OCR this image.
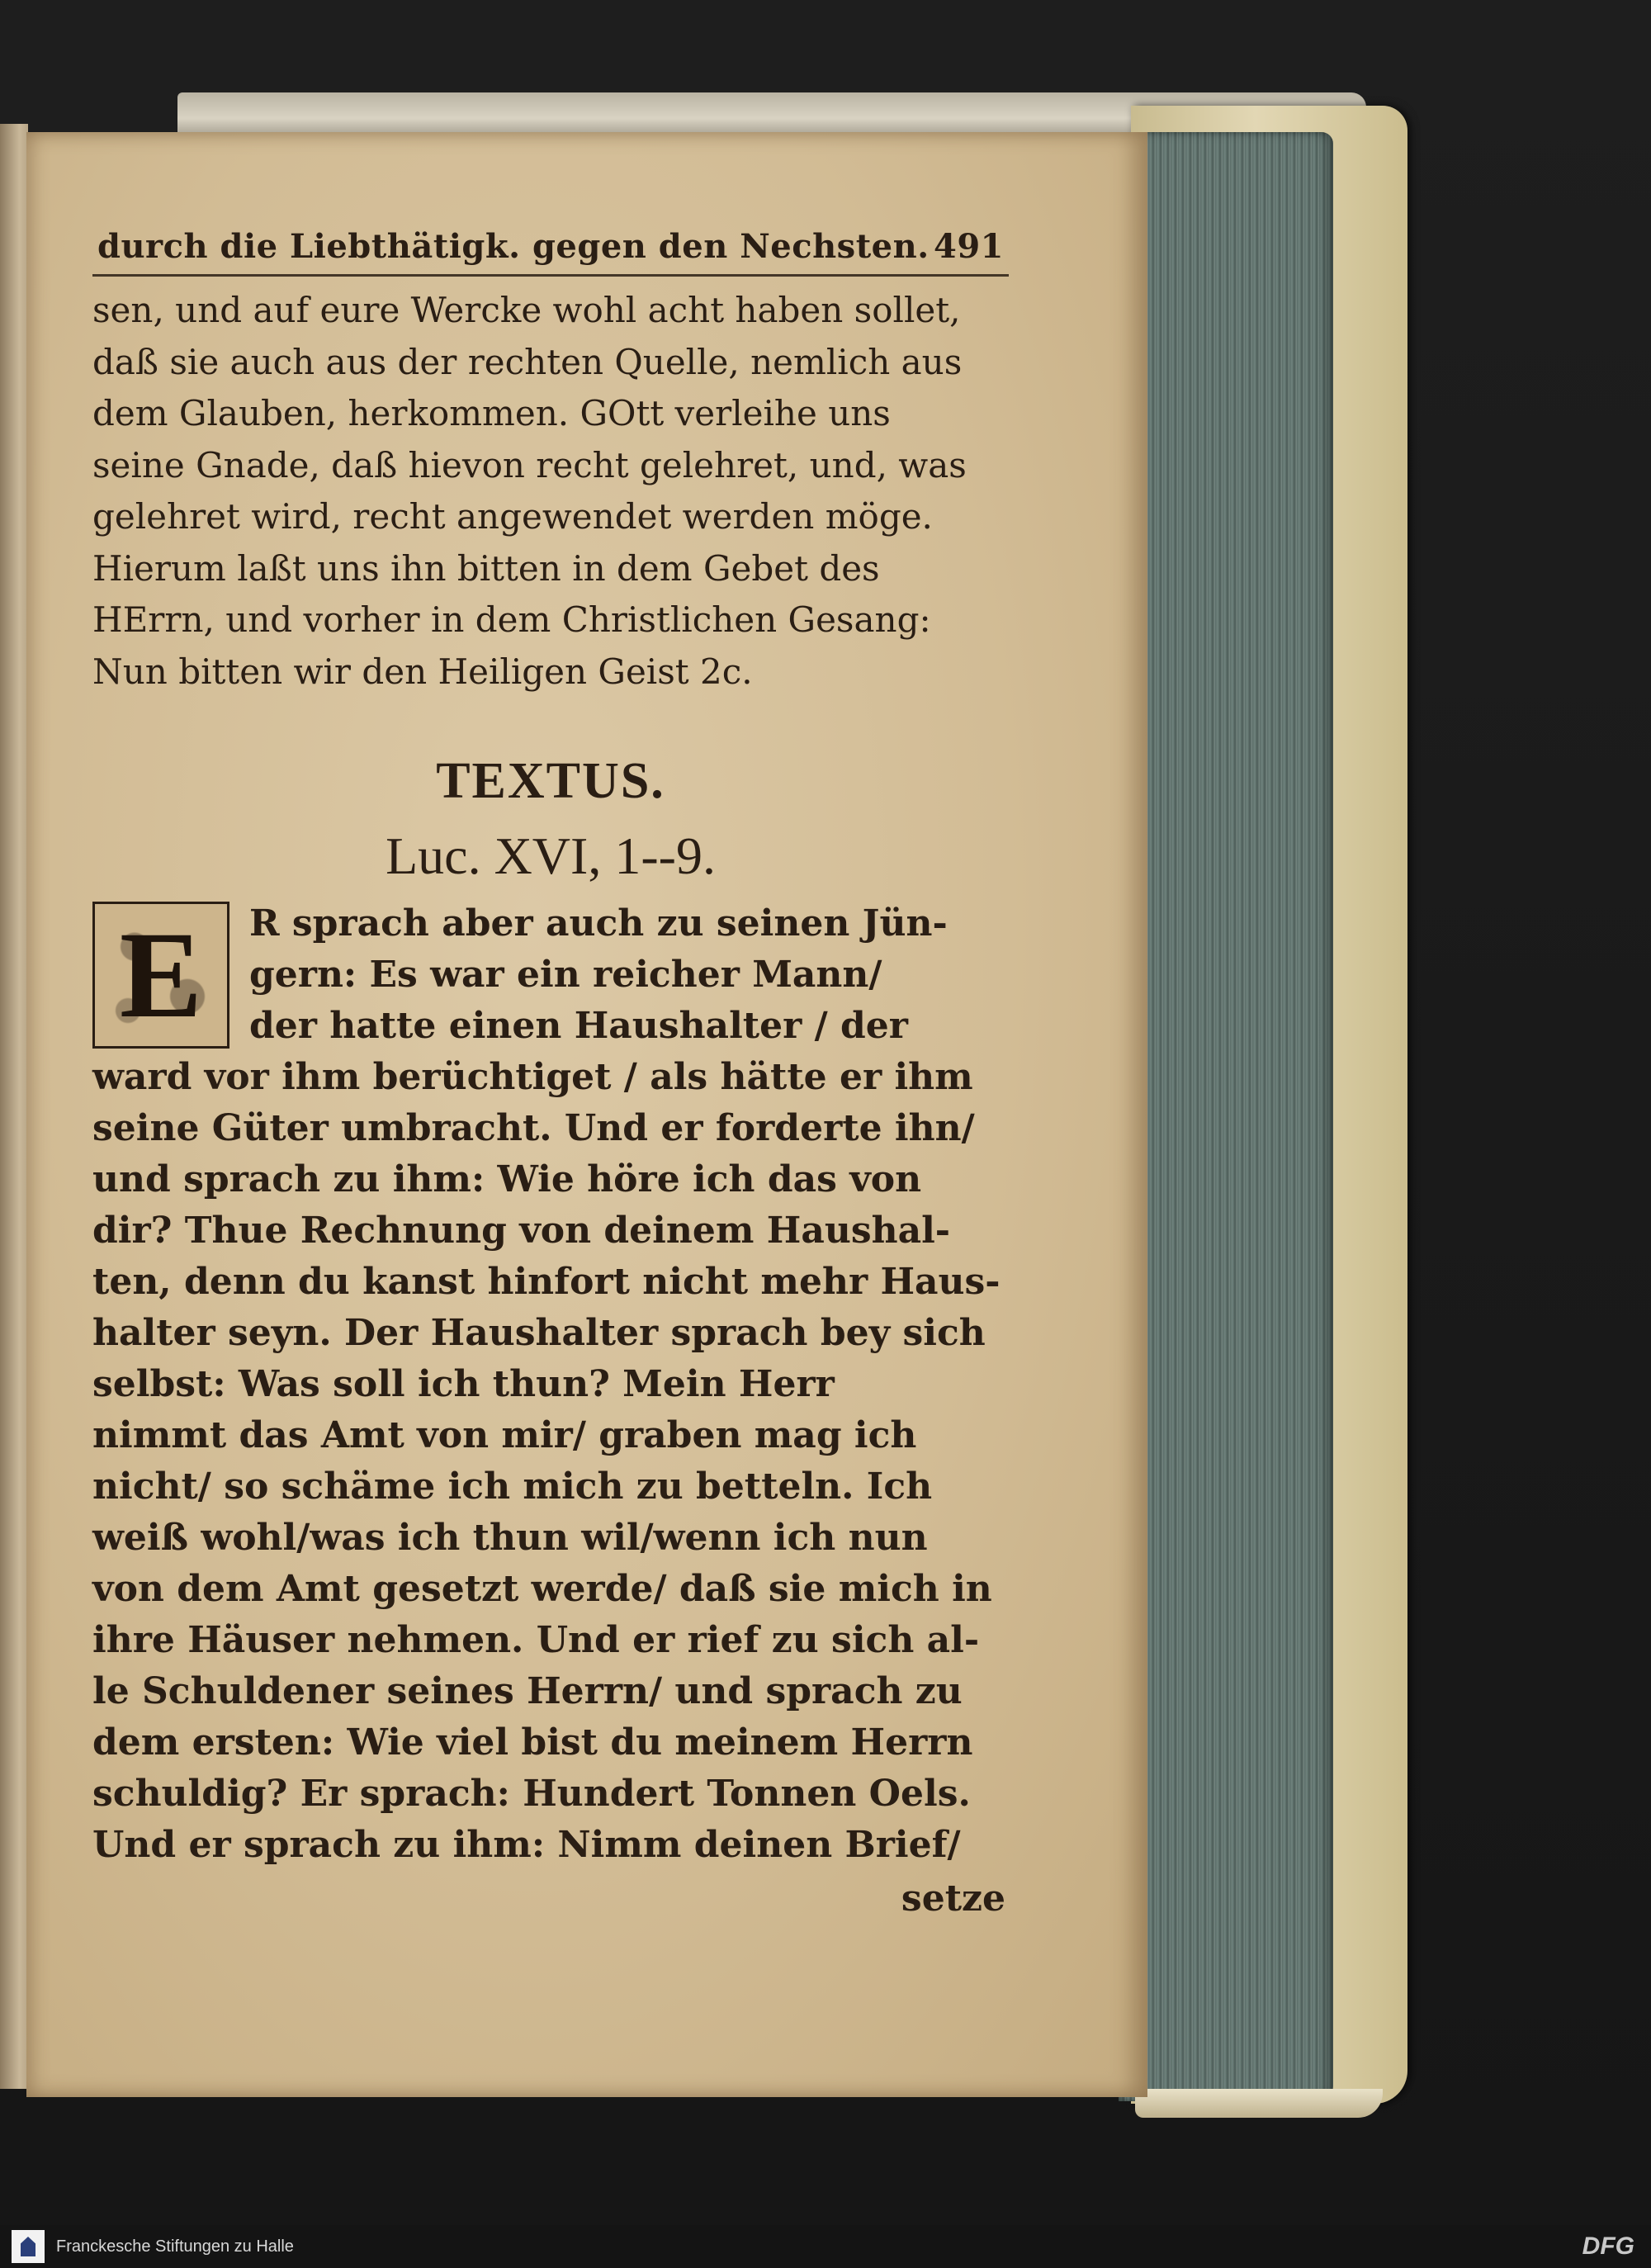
durch die Liebthätigk. gegen den Nechsten. 491
sen, und auf eure Wercke wohl acht haben sollet,
daß sie auch aus der rechten Quelle, nemlich aus
dem Glauben, herkommen. GOtt verleihe uns
seine Gnade, daß hievon recht gelehret, und, was
gelehret wird, recht angewendet werden möge.
Hierum laßt uns ihn bitten in dem Gebet des
HErrn, und vorher in dem Christlichen Gesang:
Nun bitten wir den Heiligen Geist 2c.
TEXTUS.
Luc. XVI, 1--9.
E	R sprach aber auch zu seinen Jün-
gern: Es war ein reicher Mann/
der hatte einen Haushalter / der
ward vor ihm berüchtiget / als hätte er ihm
seine Güter umbracht. Und er forderte ihn/
und sprach zu ihm: Wie höre ich das von
dir? Thue Rechnung von deinem Haushal-
ten, denn du kanst hinfort nicht mehr Haus-
halter seyn. Der Haushalter sprach bey sich
selbst: Was soll ich thun? Mein Herr
nimmt das Amt von mir/ graben mag ich
nicht/ so schäme ich mich zu betteln. Ich
weiß wohl/was ich thun wil/wenn ich nun
von dem Amt gesetzt werde/ daß sie mich in
ihre Häuser nehmen. Und er rief zu sich al-
le Schuldener seines Herrn/ und sprach zu
dem ersten: Wie viel bist du meinem Herrn
schuldig? Er sprach: Hundert Tonnen Oels.
Und er sprach zu ihm: Nimm deinen Brief/
setze
Franckesche Stiftungen zu Halle	DFG
